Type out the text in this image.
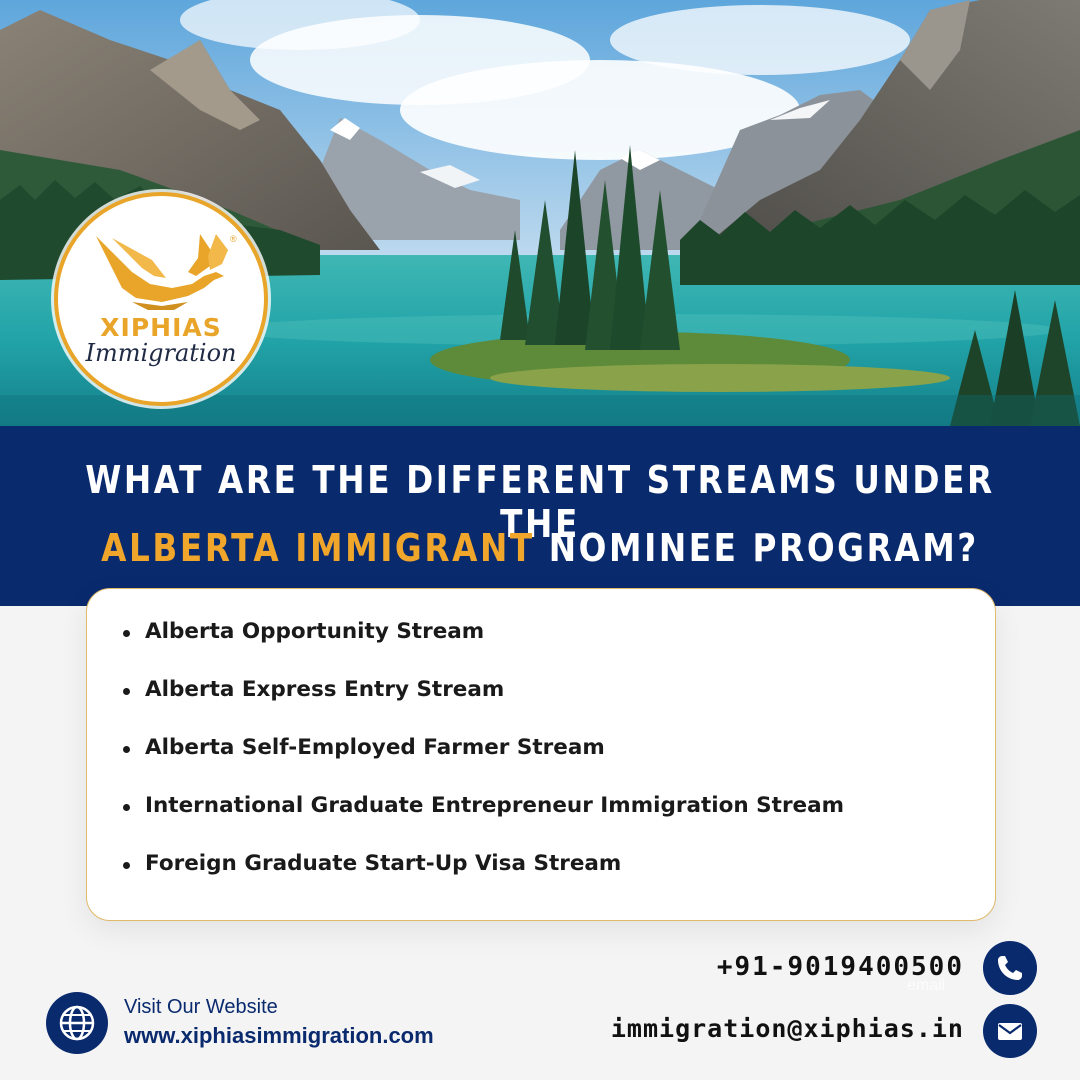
®
XIPHIAS
Immigration
WHAT ARE THE DIFFERENT STREAMS UNDER THE
ALBERTA IMMIGRANT NOMINEE PROGRAM?
Alberta Opportunity Stream
Alberta Express Entry Stream
Alberta Self-Employed Farmer Stream
International Graduate Entrepreneur Immigration Stream
Foreign Graduate Start-Up Visa Stream
Visit Our Website
www.xiphiasimmigration.com
+91-9019400500
email
immigration@xiphias.in
